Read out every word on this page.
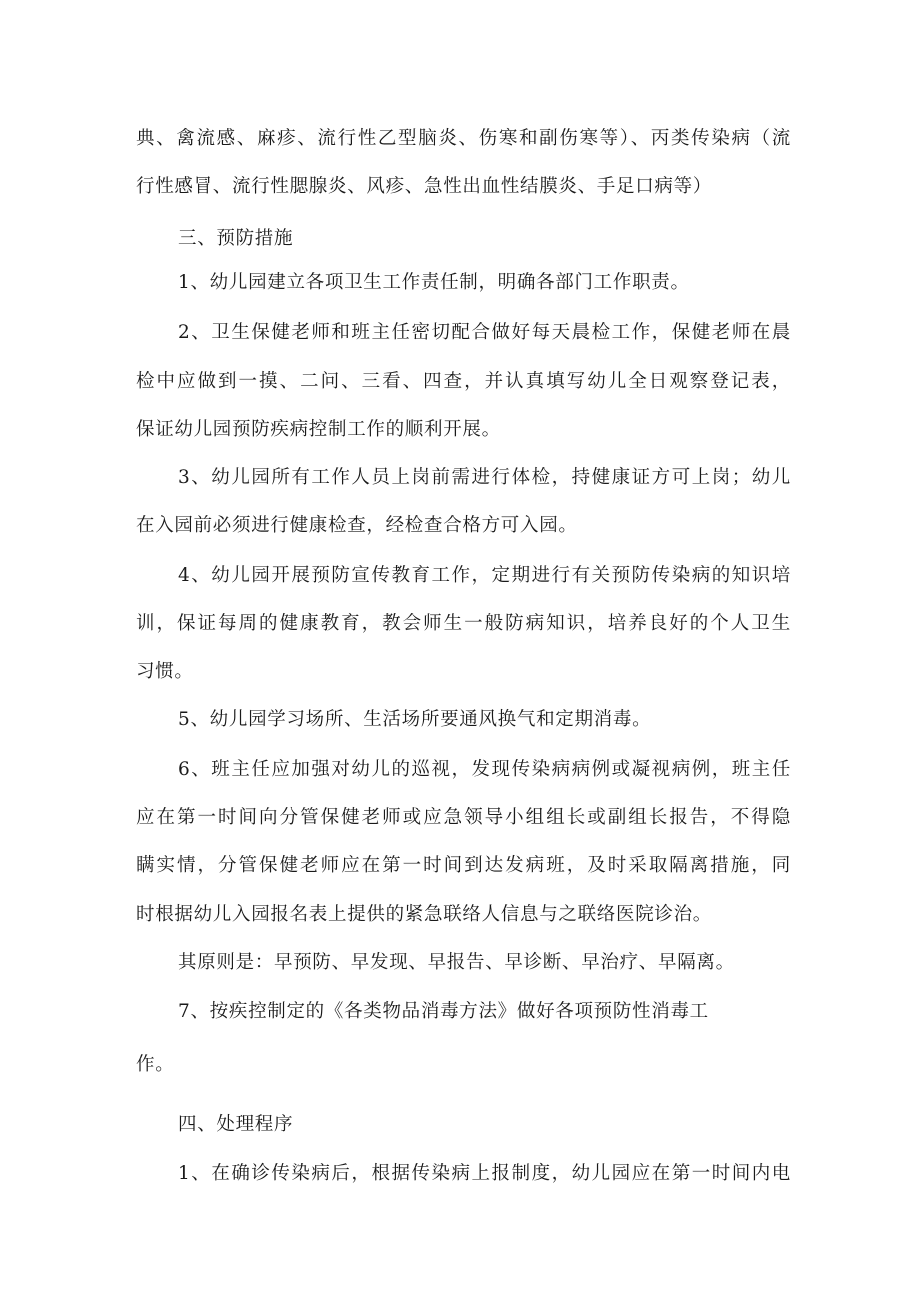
典、禽流感、麻疹、流行性乙型脑炎、伤寒和副伤寒等）、丙类传染病（流
行性感冒、流行性腮腺炎、风疹、急性出血性结膜炎、手足口病等）
三、预防措施
1、幼儿园建立各项卫生工作责任制，明确各部门工作职责。
2、卫生保健老师和班主任密切配合做好每天晨检工作，保健老师在晨
检中应做到一摸、二问、三看、四查，并认真填写幼儿全日观察登记表，
保证幼儿园预防疾病控制工作的顺利开展。
3、幼儿园所有工作人员上岗前需进行体检，持健康证方可上岗；幼儿
在入园前必须进行健康检查，经检查合格方可入园。
4、幼儿园开展预防宣传教育工作，定期进行有关预防传染病的知识培
训，保证每周的健康教育，教会师生一般防病知识，培养良好的个人卫生
习惯。
5、幼儿园学习场所、生活场所要通风换气和定期消毒。
6、班主任应加强对幼儿的巡视，发现传染病病例或凝视病例，班主任
应在第一时间向分管保健老师或应急领导小组组长或副组长报告，不得隐
瞒实情，分管保健老师应在第一时间到达发病班，及时采取隔离措施，同
时根据幼儿入园报名表上提供的紧急联络人信息与之联络医院诊治。
其原则是：早预防、早发现、早报告、早诊断、早治疗、早隔离。
7、按疾控制定的《各类物品消毒方法》做好各项预防性消毒工
作。
四、处理程序
1、在确诊传染病后，根据传染病上报制度，幼儿园应在第一时间内电
